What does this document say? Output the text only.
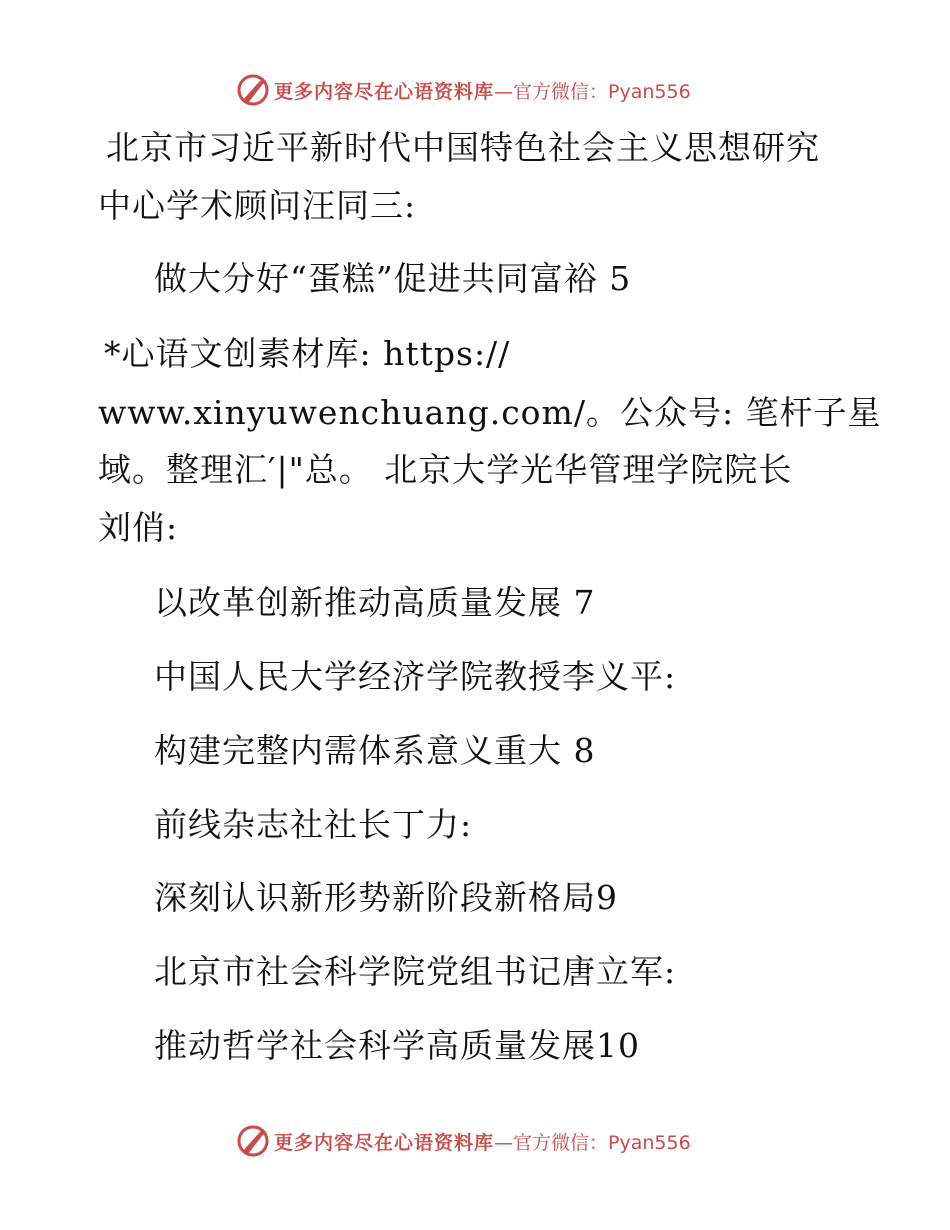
更多内容尽在心语资料库 —官方微信：Pyan556
北京市习近平新时代中国特色社会主义思想研究
中心学术顾问汪同三:
做大分好“蛋糕”促进共同富裕 5
*心语文创素材库: https://
www.xinyuwenchuang.com/。公众号: 笔杆子星
域。整理汇′|"总。 北京大学光华管理学院院长
刘俏:
以改革创新推动高质量发展 7
中国人民大学经济学院教授李义平:
构建完整内需体系意义重大 8
前线杂志社社长丁力:
深刻认识新形势新阶段新格局9
北京市社会科学院党组书记唐立军:
推动哲学社会科学高质量发展10
更多内容尽在心语资料库 —官方微信：Pyan556
